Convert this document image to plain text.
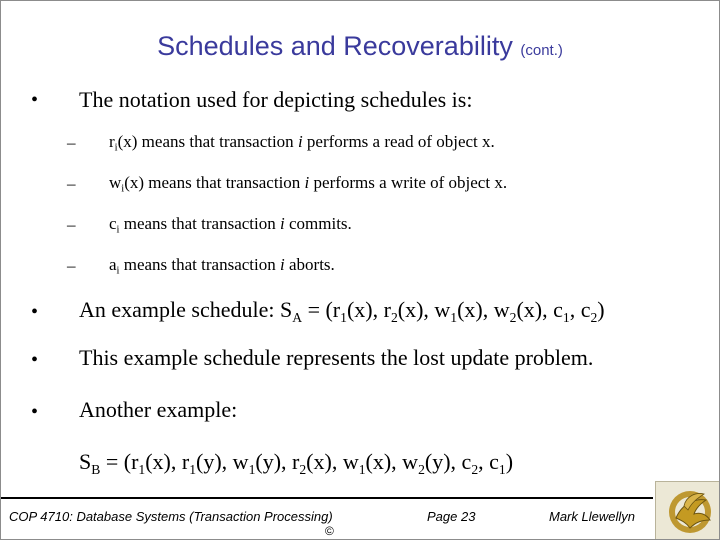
Schedules and Recoverability (cont.)
• The notation used for depicting schedules is:
– $r_i(x)$ means that transaction i performs a read of object x.
– $w_i(x)$ means that transaction i performs a write of object x.
– $c_i$ means that transaction i commits.
– $a_i$ means that transaction i aborts.
• An example schedule: $S_A = (r_1(x)$, $r_2(x)$, $w_1(x)$, $w_2(x)$, $c_1$, $c_2$)
• This example schedule represents the lost update problem.
• Another example:
$S_B = (r_1(x)$, $r_1(y)$, $w_1(y)$, $r_2(x)$, $w_1(x)$, $w_2(y)$, $c_2$, $c_1$)
COP 4710: Database Systems (Transaction Processing)	Page 23	Mark Llewellyn
©
